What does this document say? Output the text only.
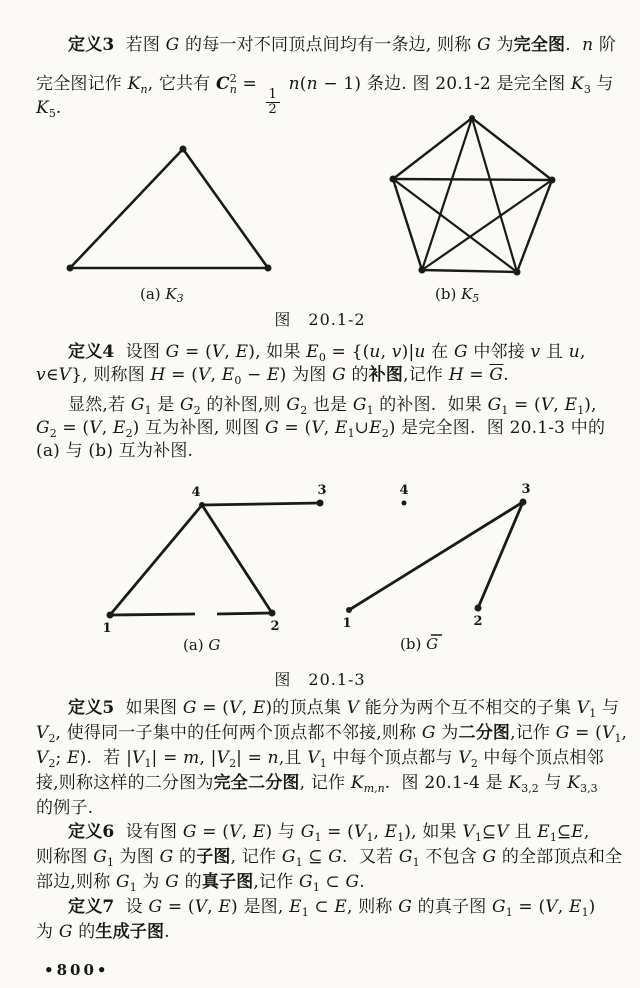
定义3  若图 G 的每一对不同顶点间均有一条边, 则称 G 为完全图.  n 阶
完全图记作 $K_n$, 它共有 $C^2_n$ =
$\frac{1}{2}$
n(n − 1) 条边. 图 20.1-2 是完全图 $K_3$ 与
$K_5$.
(a) $K_3$	(b) $K_5$
图　20.1-2
定义4  设图 G = (V, E), 如果 $E_0 = \{(u$, v)|u 在 G 中邻接 v 且 u,
v∈V}, 则称图 H = (V, $E_0 - E$) 为图 G 的补图,记作 $H = \overline{G}$.
显然,若 $G_1$ 是 $G_2$ 的补图,则 $G_2$ 也是 $G_1$ 的补图.  如果 $G_1 = (V$, $E_1$),
$G_2 = (V$, $E_2$) 互为补图, 则图 G = (V, $E_1\cup E_2$) 是完全图.  图 20.1-3 中的
(a) 与 (b) 互为补图.
4	3
1	2
(a) G
4	3
1	2
(b) G
图　20.1-3
定义5  如果图 G = (V, E)的顶点集 V 能分为两个互不相交的子集 $V_1$ 与
$V_2$, 使得同一子集中的任何两个顶点都不邻接,则称 G 为二分图,记作 $G = (V_1$,
$V_2$; E).  若 $|V_1| = m$, $|V_2| = n$,且 $V_1$ 中每个顶点都与 $V_2$ 中每个顶点相邻
接,则称这样的二分图为完全二分图, 记作 $K_{m,n}$.  图 20.1-4 是 $K_{3,2}$ 与 $K_{3,3}$
的例子.
定义6  设有图 G = (V, E) 与 $G_1 = (V_1$, $E_1$), 如果 $V_1⊆V$ 且 $E_1⊆E$,
则称图 $G_1$ 为图 G 的子图, 记作 $G_1$ ⊆ G.  又若 $G_1$ 不包含 G 的全部顶点和全
部边,则称 $G_1$ 为 G 的真子图,记作 $G_1$ ⊂ G.
定义7  设 G = (V, E) 是图, $E_1$ ⊂ E, 则称 G 的真子图 $G_1 = (V$, $E_1$)
为 G 的生成子图.
•800•
